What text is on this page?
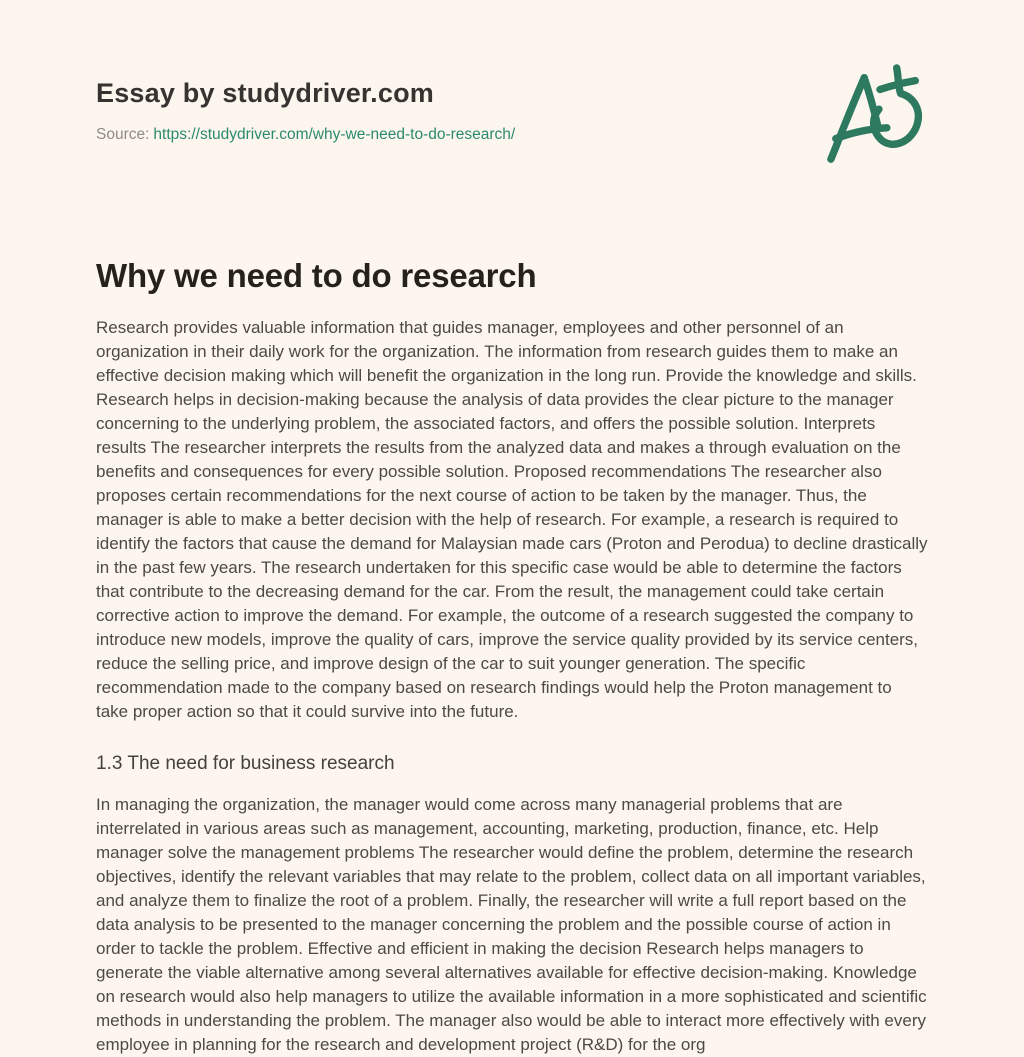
Essay by studydriver.com
Source: https://studydriver.com/why-we-need-to-do-research/
Why we need to do research

Research provides valuable information that guides manager, employees and other personnel of an organization in their daily work for the organization. The information from research guides them to make an effective decision making which will benefit the organization in the long run. Provide the knowledge and skills. Research helps in decision-making because the analysis of data provides the clear picture to the manager concerning to the underlying problem, the associated factors, and offers the possible solution. Interprets results The researcher interprets the results from the analyzed data and makes a through evaluation on the benefits and consequences for every possible solution. Proposed recommendations The researcher also proposes certain recommendations for the next course of action to be taken by the manager. Thus, the manager is able to make a better decision with the help of research. For example, a research is required to identify the factors that cause the demand for Malaysian made cars (Proton and Perodua) to decline drastically in the past few years. The research undertaken for this specific case would be able to determine the factors that contribute to the decreasing demand for the car. From the result, the management could take certain corrective action to improve the demand. For example, the outcome of a research suggested the company to introduce new models, improve the quality of cars, improve the service quality provided by its service centers, reduce the selling price, and improve design of the car to suit younger generation. The specific recommendation made to the company based on research findings would help the Proton management to take proper action so that it could survive into the future.

1.3 The need for business research

In managing the organization, the manager would come across many managerial problems that are interrelated in various areas such as management, accounting, marketing, production, finance, etc. Help manager solve the management problems The researcher would define the problem, determine the research objectives, identify the relevant variables that may relate to the problem, collect data on all important variables, and analyze them to finalize the root of a problem. Finally, the researcher will write a full report based on the data analysis to be presented to the manager concerning the problem and the possible course of action in order to tackle the problem. Effective and efficient in making the decision Research helps managers to generate the viable alternative among several alternatives available for effective decision-making. Knowledge on research would also help managers to utilize the available information in a more sophisticated and scientific methods in understanding the problem. The manager also would be able to interact more effectively with every employee in planning for the research and development project (R&D) for the org
